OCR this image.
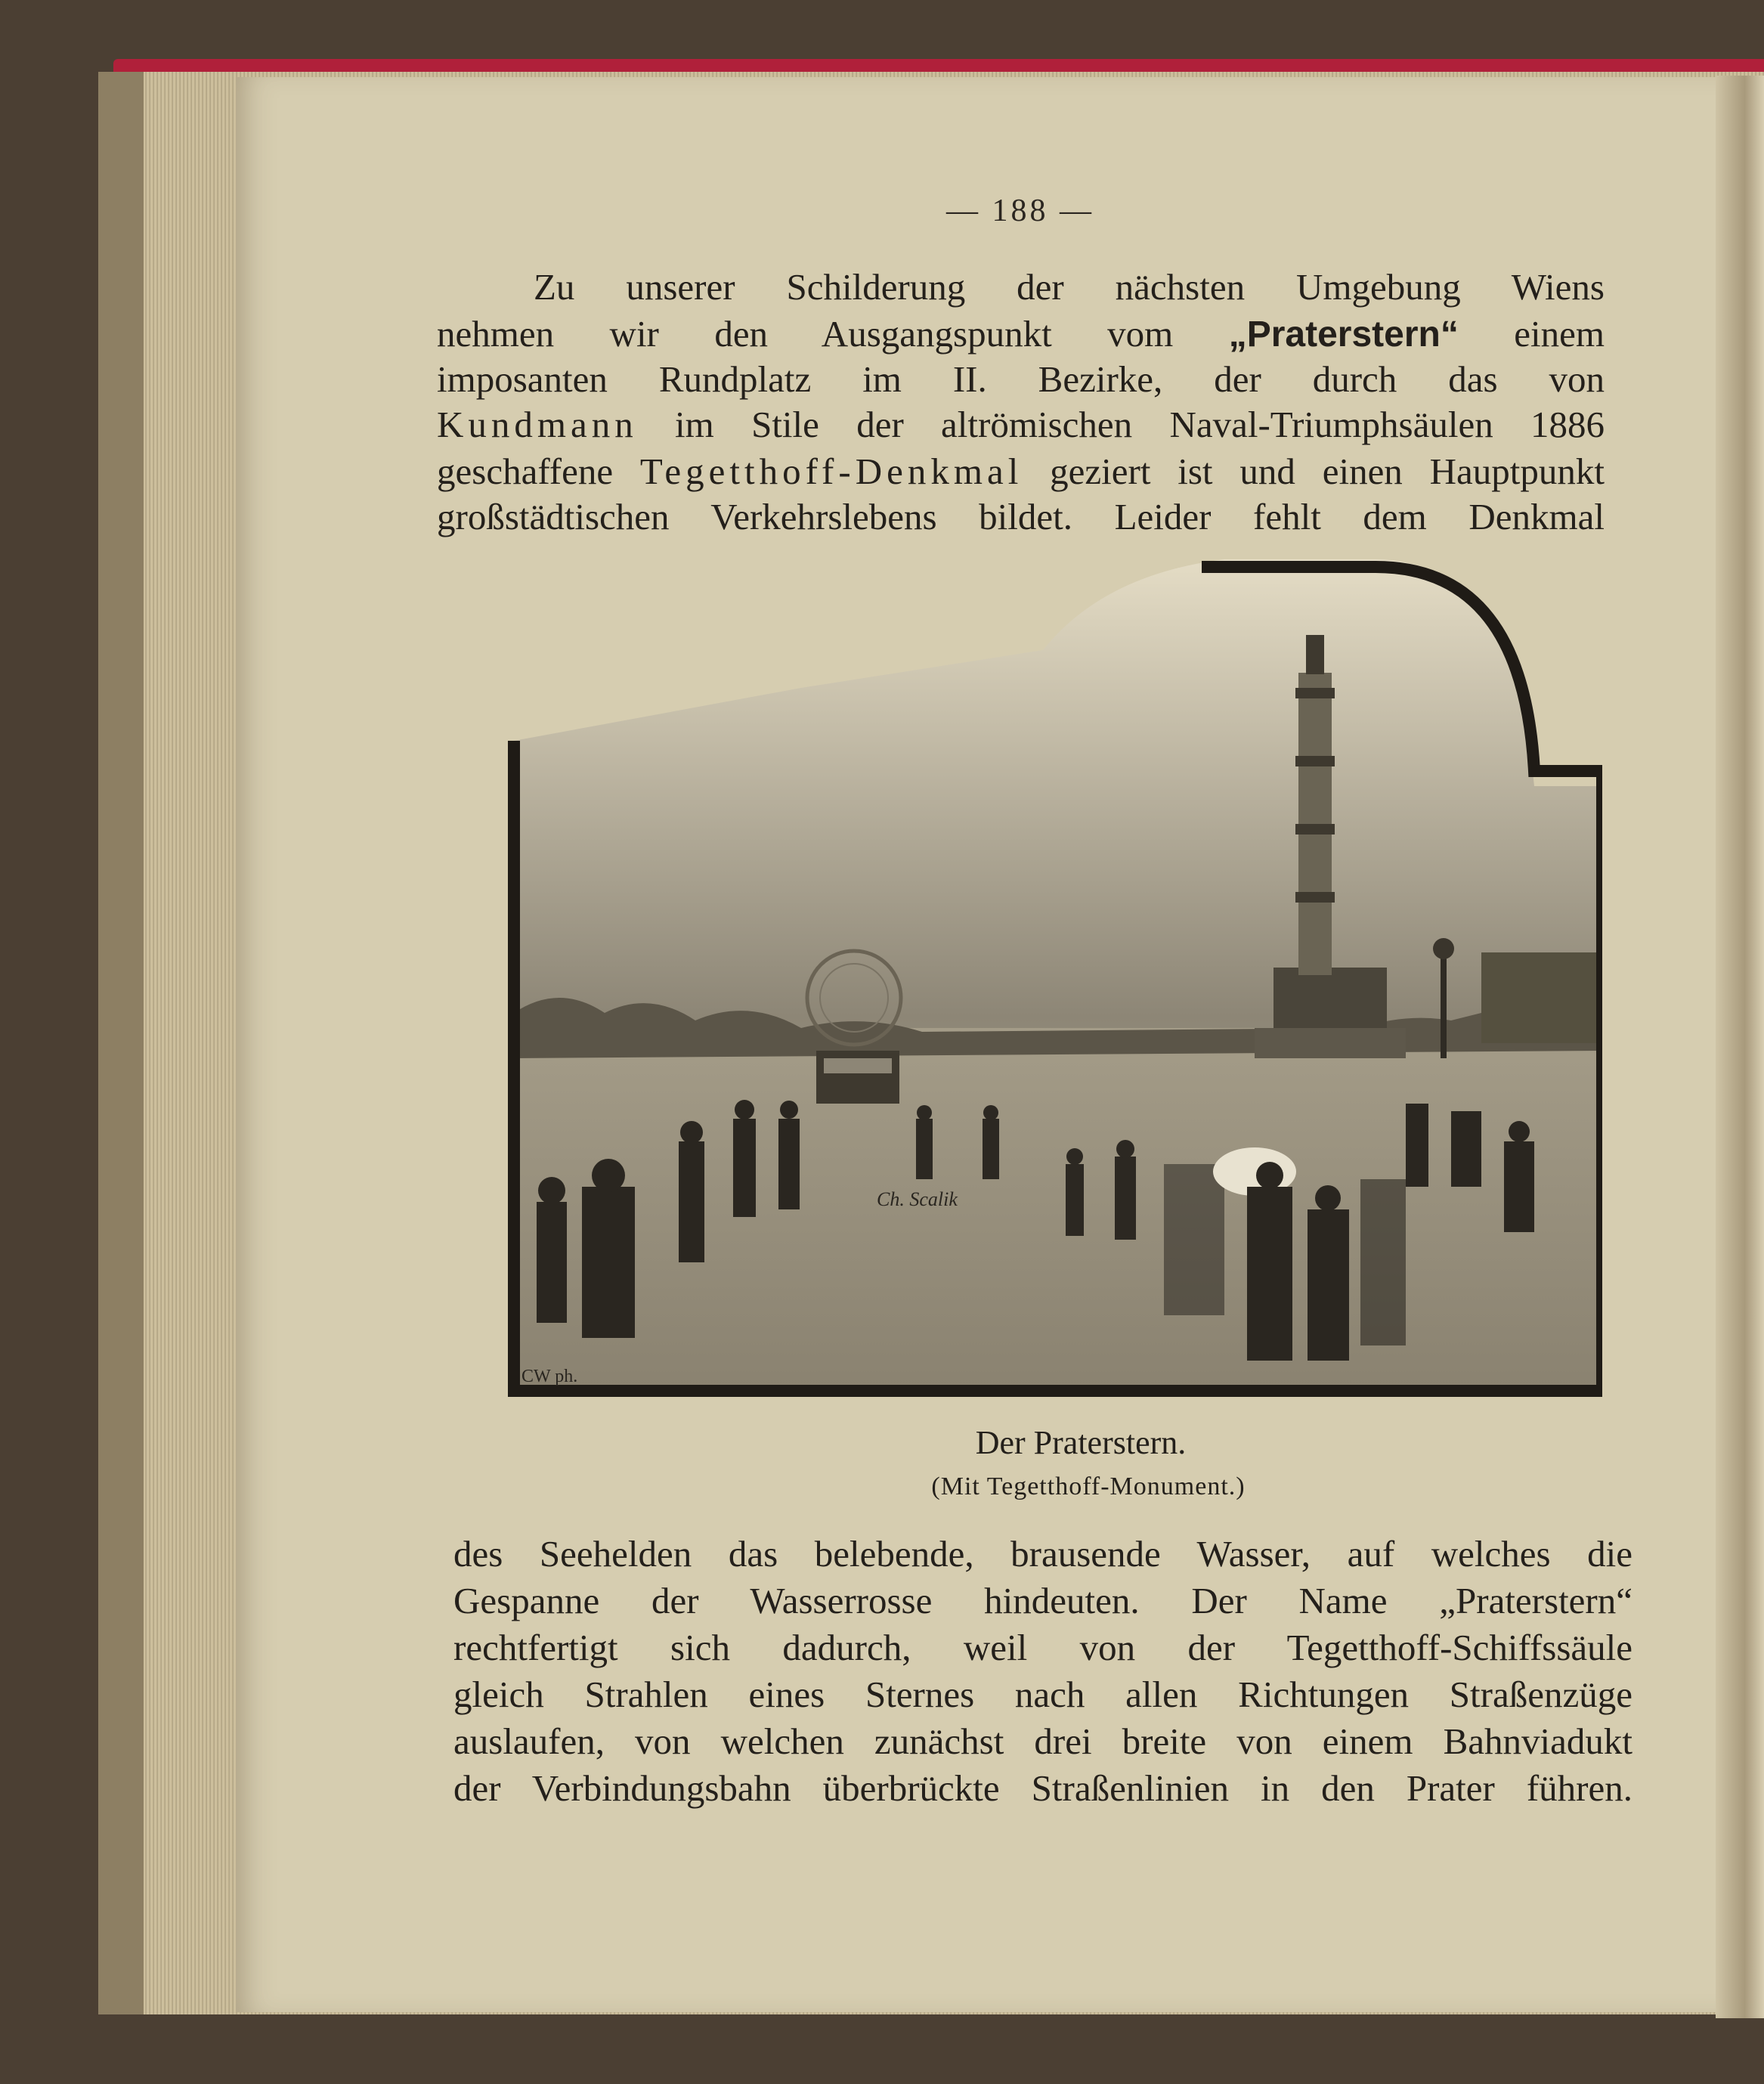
— 188 —
Zu unserer Schilderung der nächsten Umgebung Wiens
nehmen wir den Ausgangspunkt vom „Praterstern“ einem
imposanten Rundplatz im II. Bezirke, der durch das von
Kundmann im Stile der altrömischen Naval-Triumphsäulen 1886
geschaffene Tegetthoff-Denkmal geziert ist und einen Hauptpunkt
großstädtischen Verkehrslebens bildet. Leider fehlt dem Denkmal
Ch. Scalik
CW ph.
Der Praterstern.
(Mit Tegetthoff-Monument.)
des Seehelden das belebende, brausende Wasser, auf welches die
Gespanne der Wasserrosse hindeuten. Der Name „Praterstern“
rechtfertigt sich dadurch, weil von der Tegetthoff-Schiffssäule
gleich Strahlen eines Sternes nach allen Richtungen Straßenzüge
auslaufen, von welchen zunächst drei breite von einem Bahnviadukt
der Verbindungsbahn überbrückte Straßenlinien in den Prater führen.
